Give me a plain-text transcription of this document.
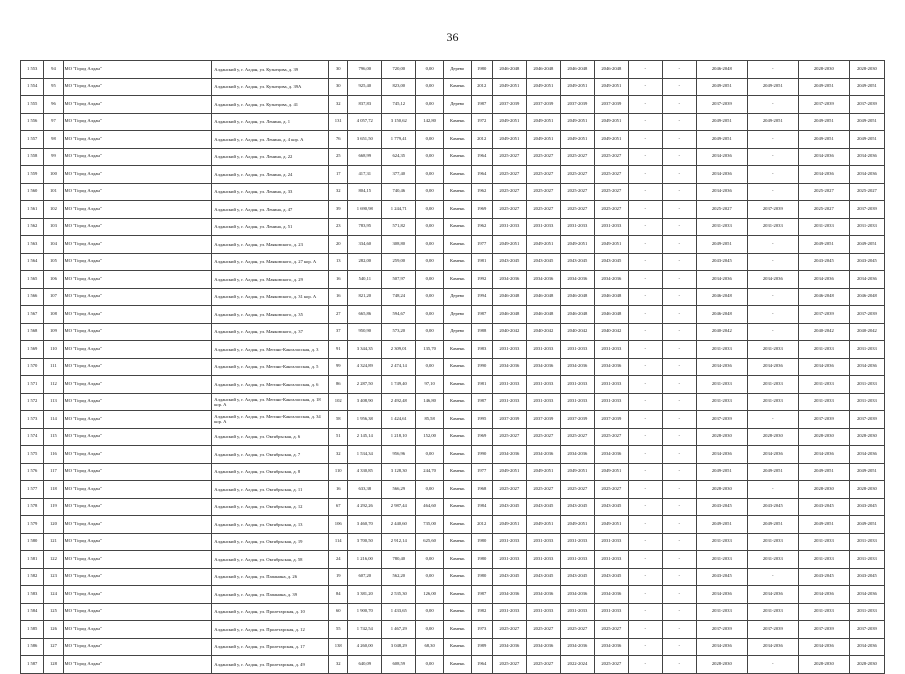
36
1 553	94	МО "Город Алдан"	Алданский у, г. Алдан, ул. Кузнецова, д. 39	30	796,00	720,00	0,00	Дерево	1980	2046-2048	2046-2048	2046-2048	2046-2048	-	-	2046-2048	-	2028-2030	2028-2030
1 554	95	МО "Город Алдан"	Алданский у, г. Алдан, ул. Кузнецова, д. 39А	30	925,40	823,00	0,00	Камень	2012	2049-2051	2049-2051	2049-2051	2049-2051	-	-	2049-2051	2049-2051	2049-2051	2049-2051
1 555	96	МО "Город Алдан"	Алданский у, г. Алдан, ул. Кузнецова, д. 41	32	837,83	745,12	0,00	Дерево	1987	2037-2039	2037-2039	2037-2039	2037-2039	-	-	2037-2039	-	2037-2039	2037-2039
1 556	97	МО "Город Алдан"	Алданский у, г. Алдан, ул. Ленина, д. 1	131	4 057,72	3 150,62	142,80	Камень	1972	2049-2051	2049-2051	2049-2051	2049-2051	-	-	2049-2051	2049-2051	2049-2051	2049-2051
1 557	98	МО "Город Алдан"	Алданский у, г. Алдан, ул. Ленина, д. 4 кор. А	76	3 651,50	1 779,41	0,00	Камень	2012	2049-2051	2049-2051	2049-2051	2049-2051	-	-	2049-2051	-	2049-2051	2049-2051
1 558	99	МО "Город Алдан"	Алданский у, г. Алдан, ул. Ленина, д. 22	25	668,99	624,35	0,00	Камень	1964	2025-2027	2025-2027	2025-2027	2025-2027	-	-	2034-2036	-	2034-2036	2034-2036
1 559	100	МО "Город Алдан"	Алданский у, г. Алдан, ул. Ленина, д. 24	17	417,31	377,40	0,00	Камень	1964	2025-2027	2025-2027	2025-2027	2025-2027	-	-	2034-2036	-	2034-2036	2034-2036
1 560	101	МО "Город Алдан"	Алданский у, г. Алдан, ул. Ленина, д. 33	32	804,15	740,46	0,00	Камень	1962	2025-2027	2025-2027	2025-2027	2025-2027	-	-	2034-2036	-	2025-2027	2025-2027
1 561	102	МО "Город Алдан"	Алданский у, г. Алдан, ул. Ленина, д. 47	39	1 690,98	1 244,71	0,00	Камень	1969	2025-2027	2025-2027	2025-2027	2025-2027	-	-	2025-2027	2037-2039	2025-2027	2037-2039
1 562	103	МО "Город Алдан"	Алданский у, г. Алдан, ул. Ленина, д. 51	23	783,95	571,82	0,00	Камень	1962	2031-2033	2031-2033	2031-2033	2031-2033	-	-	2031-2033	2031-2033	2031-2033	2031-2033
1 563	104	МО "Город Алдан"	Алданский у, г. Алдан, ул. Маяковского, д. 23	20	334,60	308,80	0,00	Камень	1977	2049-2051	2049-2051	2049-2051	2049-2051	-	-	2049-2051	-	2049-2051	2049-2051
1 564	105	МО "Город Алдан"	Алданский у, г. Алдан, ул. Маяковского, д. 27 кор. А	13	282,00	259,00	0,00	Камень	1981	2043-2045	2043-2045	2043-2045	2043-2045	-	-	2043-2045	-	2043-2045	2043-2045
1 565	106	МО "Город Алдан"	Алданский у, г. Алдан, ул. Маяковского, д. 29	16	540,11	507,97	0,00	Камень	1992	2034-2036	2034-2036	2034-2036	2034-2036	-	-	2034-2036	2034-2036	2034-2036	2034-2036
1 566	107	МО "Город Алдан"	Алданский у, г. Алдан, ул. Маяковского, д. 31 кор. А	16	821,20	748,24	0,00	Дерево	1994	2046-2048	2046-2048	2046-2048	2046-2048	-	-	2046-2048	-	2046-2048	2046-2048
1 567	108	МО "Город Алдан"	Алданский у, г. Алдан, ул. Маяковского, д. 35	27	665,86	594,67	0,00	Дерево	1987	2046-2048	2046-2048	2046-2048	2046-2048	-	-	2046-2048	-	2037-2039	2037-2039
1 568	109	МО "Город Алдан"	Алданский у, г. Алдан, ул. Маяковского, д. 37	37	950,90	573,20	0,00	Дерево	1988	2040-2042	2040-2042	2040-2042	2040-2042	-	-	2040-2042	-	2040-2042	2040-2042
1 569	110	МО "Город Алдан"	Алданский у, г. Алдан, ул. Мегино-Кангаласская, д. 3	91	3 344,35	2 309,01	135,70	Камень	1983	2031-2033	2031-2033	2031-2033	2031-2033	-	-	2031-2033	2031-2033	2031-2033	2031-2033
1 570	111	МО "Город Алдан"	Алданский у, г. Алдан, ул. Мегино-Кангаласская, д. 5	99	4 324,89	2 474,14	0,00	Камень	1990	2034-2036	2034-2036	2034-2036	2034-2036	-	-	2034-2036	2034-2036	2034-2036	2034-2036
1 571	112	МО "Город Алдан"	Алданский у, г. Алдан, ул. Мегино-Кангаласская, д. 6	86	2 287,50	1 749,40	97,10	Камень	1981	2031-2033	2031-2033	2031-2033	2031-2033	-	-	2031-2033	2031-2033	2031-2033	2031-2033
1 572	113	МО "Город Алдан"	Алданский у, г. Алдан, ул. Мегино-Кангаласская, д. 18 кор. А	102	3 408,90	2 492,48	146,80	Камень	1987	2031-2033	2031-2033	2031-2033	2031-2033	-	-	2031-2033	2031-2033	2031-2033	2031-2033
1 573	114	МО "Город Алдан"	Алданский у, г. Алдан, ул. Мегино-Кангаласская, д. 34 кор. А	58	1 956,38	1 424,61	85,58	Камень	1995	2037-2039	2037-2039	2037-2039	2037-2039	-	-	2037-2039	-	2037-2039	2037-2039
1 574	115	МО "Город Алдан"	Алданский у, г. Алдан, ул. Октябрьская, д. 6	51	2 145,14	1 218,10	152,00	Камень	1969	2025-2027	2025-2027	2025-2027	2025-2027	-	-	2028-2030	2028-2030	2028-2030	2028-2030
1 575	116	МО "Город Алдан"	Алданский у, г. Алдан, ул. Октябрьская, д. 7	32	1 534,34	956,96	0,00	Камень	1990	2034-2036	2034-2036	2034-2036	2034-2036	-	-	2034-2036	2034-2036	2034-2036	2034-2036
1 576	117	МО "Город Алдан"	Алданский у, г. Алдан, ул. Октябрьская, д. 8	110	4 330,85	3 128,30	244,70	Камень	1977	2049-2051	2049-2051	2049-2051	2049-2051	-	-	2049-2051	2049-2051	2049-2051	2049-2051
1 577	118	МО "Город Алдан"	Алданский у, г. Алдан, ул. Октябрьская, д. 11	16	633,38	566,29	0,00	Камень	1968	2025-2027	2025-2027	2025-2027	2025-2027	-	-	2028-2030	-	2028-2030	2028-2030
1 578	119	МО "Город Алдан"	Алданский у, г. Алдан, ул. Октябрьская, д. 12	67	4 292,26	2 987,44	464,60	Камень	1984	2043-2045	2043-2045	2043-2045	2043-2045	-	-	2043-2045	2043-2045	2043-2045	2043-2045
1 579	120	МО "Город Алдан"	Алданский у, г. Алдан, ул. Октябрьская, д. 13	106	3 460,70	2 440,60	735,00	Камень	2012	2049-2051	2049-2051	2049-2051	2049-2051	-	-	2049-2051	2049-2051	2049-2051	2049-2051
1 580	121	МО "Город Алдан"	Алданский у, г. Алдан, ул. Октябрьская, д. 19	114	3 700,50	2 912,14	625,60	Камень	1980	2031-2033	2031-2033	2031-2033	2031-2033	-	-	2031-2033	2031-2033	2031-2033	2031-2033
1 581	122	МО "Город Алдан"	Алданский у, г. Алдан, ул. Октябрьская, д. 58	24	1 216,00	780,40	0,00	Камень	1980	2031-2033	2031-2033	2031-2033	2031-2033	-	-	2031-2033	2031-2033	2031-2033	2031-2033
1 582	123	МО "Город Алдан"	Алданский у, г. Алдан, ул. Папанина, д. 26	19	607,20	562,20	0,00	Камень	1980	2043-2045	2043-2045	2043-2045	2043-2045	-	-	2043-2045	-	2043-2045	2043-2045
1 583	124	МО "Город Алдан"	Алданский у, г. Алдан, ул. Папанина, д. 39	84	3 381,20	2 535,30	126,00	Камень	1987	2034-2036	2034-2036	2034-2036	2034-2036	-	-	2034-2036	2034-2036	2034-2036	2034-2036
1 584	125	МО "Город Алдан"	Алданский у, г. Алдан, ул. Пролетарская, д. 10	60	1 900,70	1 433,65	0,00	Камень	1982	2031-2033	2031-2033	2031-2033	2031-2033	-	-	2031-2033	2031-2033	2031-2033	2031-2033
1 585	126	МО "Город Алдан"	Алданский у, г. Алдан, ул. Пролетарская, д. 12	55	1 742,54	1 467,29	0,00	Камень	1973	2025-2027	2025-2027	2025-2027	2025-2027	-	-	2037-2039	2037-2039	2037-2039	2037-2039
1 586	127	МО "Город Алдан"	Алданский у, г. Алдан, ул. Пролетарская, д. 17	138	4 260,00	3 048,29	68,30	Камень	1989	2034-2036	2034-2036	2034-2036	2034-2036	-	-	2034-2036	2034-2036	2034-2036	2034-2036
1 587	128	МО "Город Алдан"	Алданский у, г. Алдан, ул. Пролетарская, д. 49	32	640,09	608,59	0,00	Камень	1964	2025-2027	2025-2027	2022-2024	2025-2027	-	-	2028-2030	-	2028-2030	2028-2030
